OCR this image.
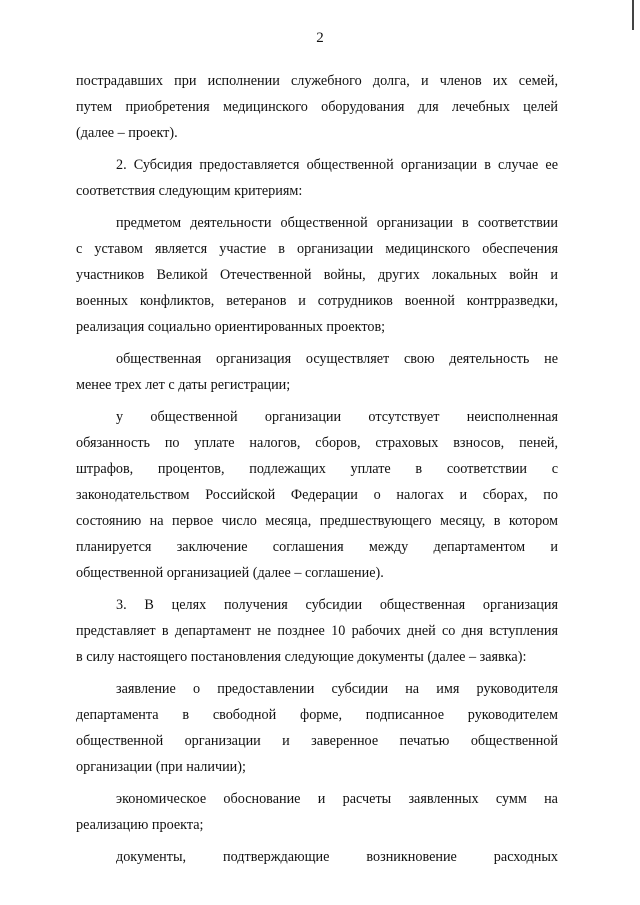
2
пострадавших при исполнении служебного долга, и членов их семей,
путем приобретения медицинского оборудования для лечебных целей
(далее – проект).
2. Субсидия предоставляется общественной организации в случае ее
соответствия следующим критериям:
предметом деятельности общественной организации в соответствии
с уставом является участие в организации медицинского обеспечения
участников Великой Отечественной войны, других локальных войн и
военных конфликтов, ветеранов и сотрудников военной контрразведки,
реализация социально ориентированных проектов;
общественная организация осуществляет свою деятельность не
менее трех лет с даты регистрации;
у общественной организации отсутствует неисполненная
обязанность по уплате налогов, сборов, страховых взносов, пеней,
штрафов, процентов, подлежащих уплате в соответствии с
законодательством Российской Федерации о налогах и сборах, по
состоянию на первое число месяца, предшествующего месяцу, в котором
планируется заключение соглашения между департаментом и
общественной организацией (далее – соглашение).
3. В целях получения субсидии общественная организация
представляет в департамент не позднее 10 рабочих дней со дня вступления
в силу настоящего постановления следующие документы (далее – заявка):
заявление о предоставлении субсидии на имя руководителя
департамента в свободной форме, подписанное руководителем
общественной организации и заверенное печатью общественной
организации (при наличии);
экономическое обоснование и расчеты заявленных сумм на
реализацию проекта;
документы, подтверждающие возникновение расходных
